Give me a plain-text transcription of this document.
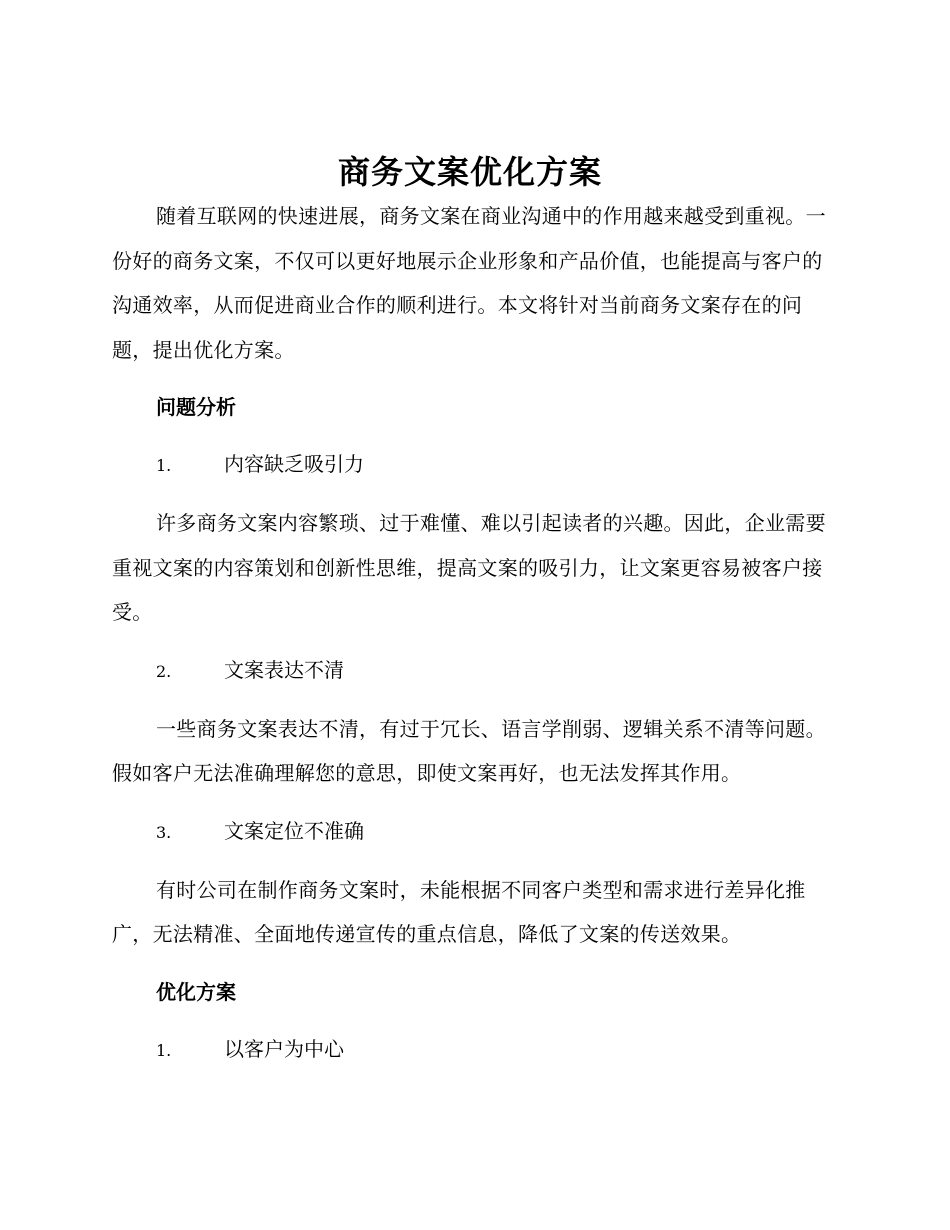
商务文案优化方案

随着互联网的快速进展，商务文案在商业沟通中的作用越来越受到重视。一份好的商务文案，不仅可以更好地展示企业形象和产品价值，也能提高与客户的沟通效率，从而促进商业合作的顺利进行。本文将针对当前商务文案存在的问题，提出优化方案。

问题分析
1.	内容缺乏吸引力

许多商务文案内容繁琐、过于难懂、难以引起读者的兴趣。因此，企业需要重视文案的内容策划和创新性思维，提高文案的吸引力，让文案更容易被客户接受。

2.	文案表达不清

一些商务文案表达不清，有过于冗长、语言学削弱、逻辑关系不清等问题。假如客户无法准确理解您的意思，即使文案再好，也无法发挥其作用。

3.	文案定位不准确

有时公司在制作商务文案时，未能根据不同客户类型和需求进行差异化推广，无法精准、全面地传递宣传的重点信息，降低了文案的传送效果。

优化方案
1.	以客户为中心
